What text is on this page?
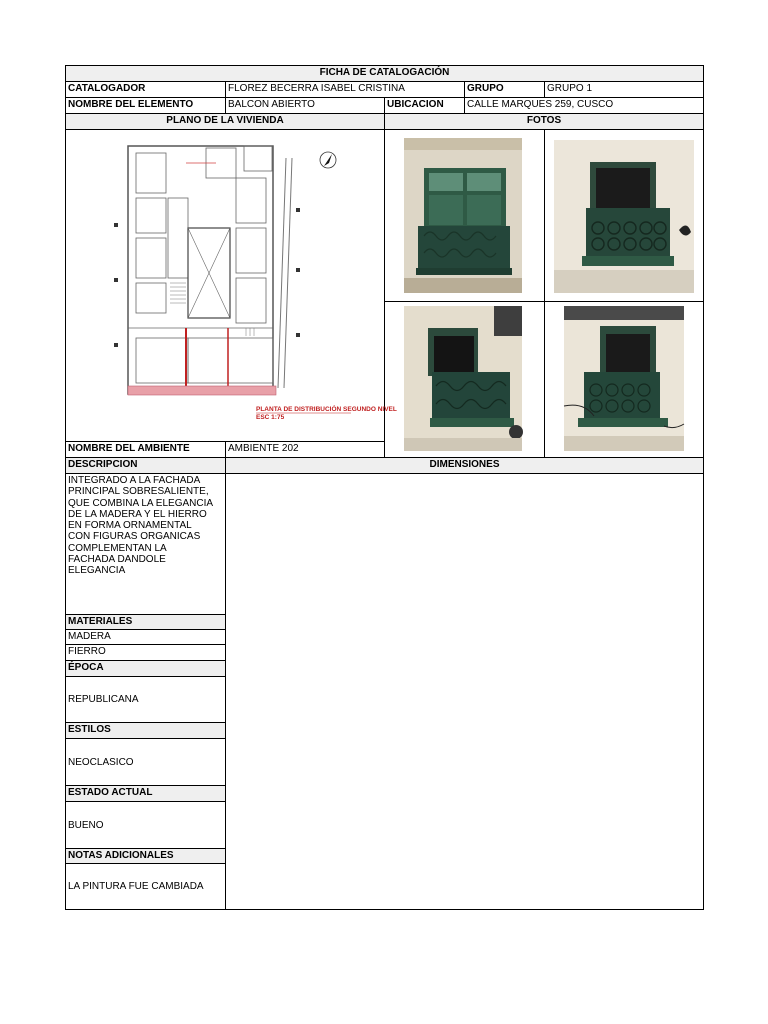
FICHA DE CATALOGACIÓN
CATALOGADOR	FLOREZ BECERRA ISABEL CRISTINA	GRUPO	GRUPO 1
NOMBRE DEL ELEMENTO	BALCON ABIERTO	UBICACION	CALLE MARQUES 259, CUSCO
PLANO DE LA VIVIENDA	FOTOS
PLANTA DE DISTRIBUCIÓN SEGUNDO NIVEL
ESC 1:75
NOMBRE DEL AMBIENTE	AMBIENTE 202
DESCRIPCION	DIMENSIONES
INTEGRADO A LA FACHADA
PRINCIPAL SOBRESALIENTE,
QUE COMBINA LA ELEGANCIA
DE LA MADERA Y EL HIERRO
EN FORMA ORNAMENTAL
CON FIGURAS ORGANICAS
COMPLEMENTAN LA
FACHADA DANDOLE
ELEGANCIA
MATERIALES
MADERA
FIERRO
ÉPOCA
REPUBLICANA
ESTILOS
NEOCLASICO
ESTADO ACTUAL
BUENO
NOTAS ADICIONALES
LA PINTURA FUE CAMBIADA
